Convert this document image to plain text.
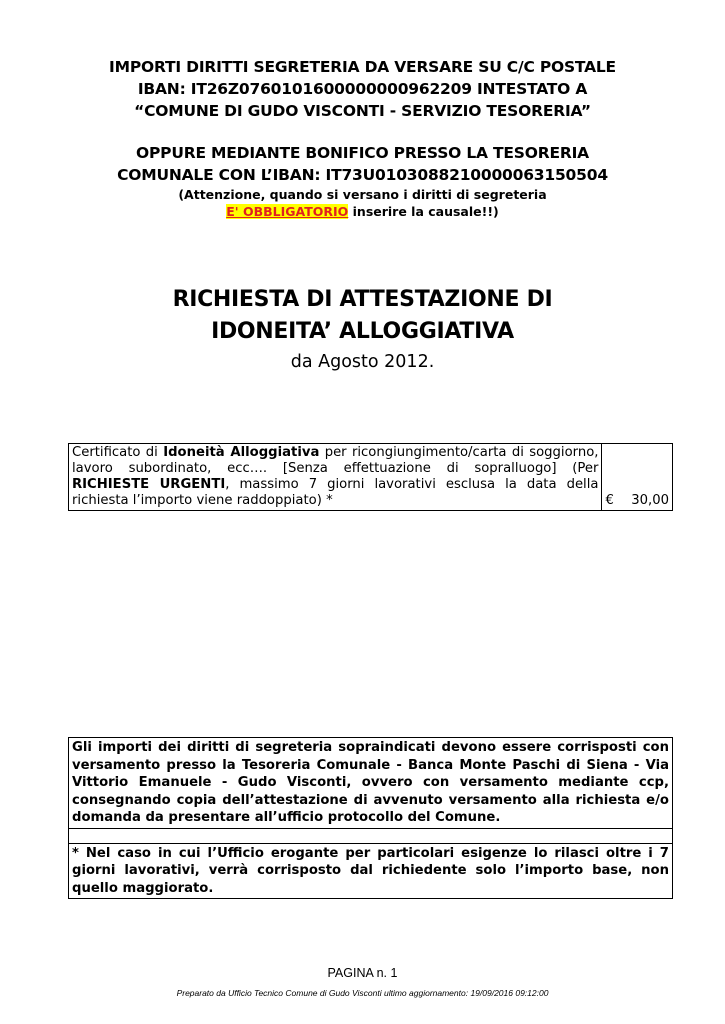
IMPORTI DIRITTI SEGRETERIA DA VERSARE SU C/C POSTALE
IBAN: IT26Z0760101600000000962209 INTESTATO A
“COMUNE DI GUDO VISCONTI - SERVIZIO TESORERIA”
OPPURE MEDIANTE BONIFICO PRESSO LA TESORERIA
COMUNALE CON L’IBAN: IT73U0103088210000063150504
(Attenzione, quando si versano i diritti di segreteria
E' OBBLIGATORIO inserire la causale!!)
RICHIESTA DI ATTESTAZIONE DI
IDONEITA’ ALLOGGIATIVA
da Agosto 2012.
Certificato di Idoneità Alloggiativa per ricongiungimento/carta di soggiorno, lavoro subordinato, ecc…. [Senza effettuazione di sopralluogo] (Per RICHIESTE URGENTI, massimo 7 giorni lavorativi esclusa la data della richiesta l’importo viene raddoppiato) *	€ 30,00
Gli importi dei diritti di segreteria sopraindicati devono essere corrisposti con versamento presso la Tesoreria Comunale - Banca Monte Paschi di Siena - Via Vittorio Emanuele - Gudo Visconti, ovvero con versamento mediante ccp, consegnando copia dell’attestazione di avvenuto versamento alla richiesta e/o domanda da presentare all’ufficio protocollo del Comune.

* Nel caso in cui l’Ufficio erogante per particolari esigenze lo rilasci oltre i 7 giorni lavorativi, verrà corrisposto dal richiedente solo l’importo base, non quello maggiorato.
PAGINA n. 1
Preparato da Ufficio Tecnico Comune di Gudo Visconti ultimo aggiornamento: 19/09/2016 09:12:00
